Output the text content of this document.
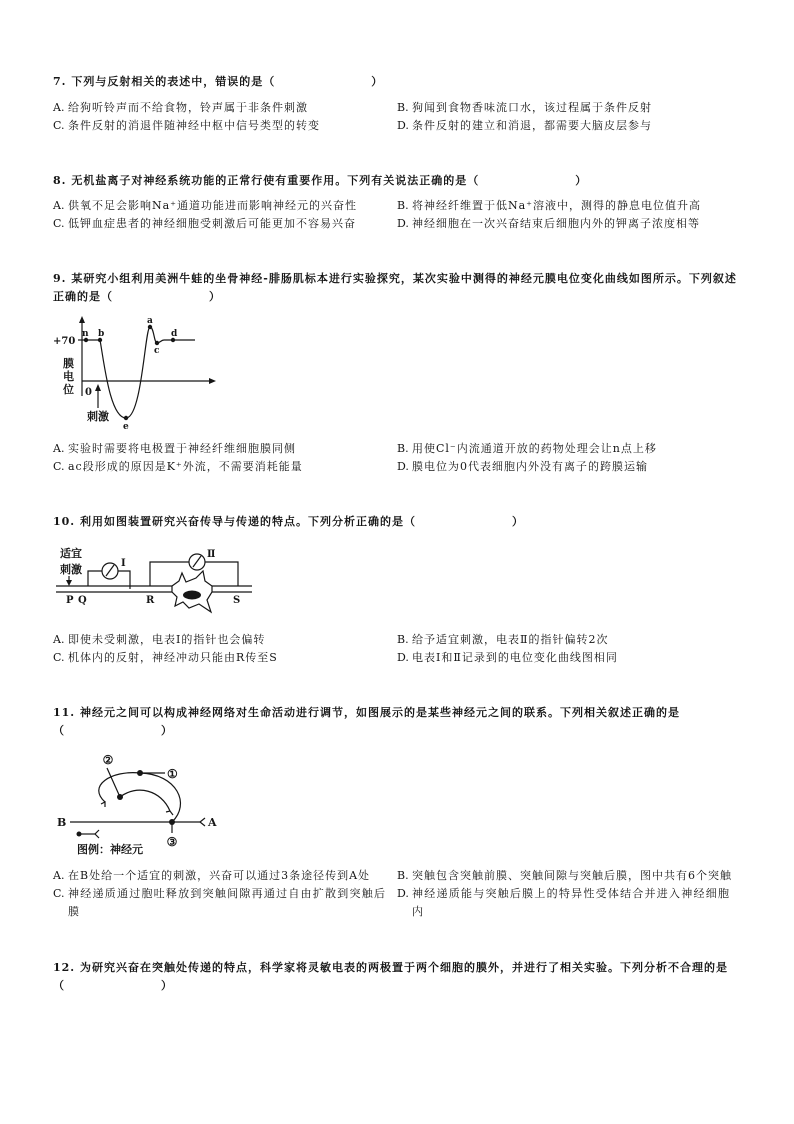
7. 下列与反射相关的表述中，错误的是（　　　　　　　　）
A. 给狗听铃声而不给食物，铃声属于非条件刺激	B. 狗闻到食物香味流口水，该过程属于条件反射
C. 条件反射的消退伴随神经中枢中信号类型的转变	D. 条件反射的建立和消退，都需要大脑皮层参与
8. 无机盐离子对神经系统功能的正常行使有重要作用。下列有关说法正确的是（　　　　　　　　）
A. 供氧不足会影响Na⁺通道功能进而影响神经元的兴奋性	B. 将神经纤维置于低Na⁺溶液中，测得的静息电位值升高
C. 低钾血症患者的神经细胞受刺激后可能更加不容易兴奋	D. 神经细胞在一次兴奋结束后细胞内外的钾离子浓度相等
9. 某研究小组利用美洲牛蛙的坐骨神经-腓肠肌标本进行实验探究，某次实验中测得的神经元膜电位变化曲线如图所示。下列叙述
正确的是（　　　　　　　　）
+70
膜
电
位 0
刺激
n b
a
c
d
e
A. 实验时需要将电极置于神经纤维细胞膜同侧	B. 用使Cl⁻内流通道开放的药物处理会让n点上移
C. ac段形成的原因是K⁺外流，不需要消耗能量	D. 膜电位为0代表细胞内外没有离子的跨膜运输
10. 利用如图装置研究兴奋传导与传递的特点。下列分析正确的是（　　　　　　　　）
适宜
刺激	I
Ⅱ
P Q	R	S
A. 即使未受刺激，电表Ⅰ的指针也会偏转	B. 给予适宜刺激，电表Ⅱ的指针偏转2次
C. 机体内的反射，神经冲动只能由R传至S	D. 电表Ⅰ和Ⅱ记录到的电位变化曲线图相同
11. 神经元之间可以构成神经网络对生命活动进行调节，如图展示的是某些神经元之间的联系。下列相关叙述正确的是
（　　　　　　　　）
B	A
②
①
③
图例：神经元
A. 在B处给一个适宜的刺激，兴奋可以通过3条途径传到A处 B. 突触包含突触前膜、突触间隙与突触后膜，图中共有6个突触
C. 神经递质通过胞吐释放到突触间隙再通过自由扩散到突触后膜
D. 神经递质能与突触后膜上的特异性受体结合并进入神经细胞内
12. 为研究兴奋在突触处传递的特点，科学家将灵敏电表的两极置于两个细胞的膜外，并进行了相关实验。下列分析不合理的是
（　　　　　　　　）
